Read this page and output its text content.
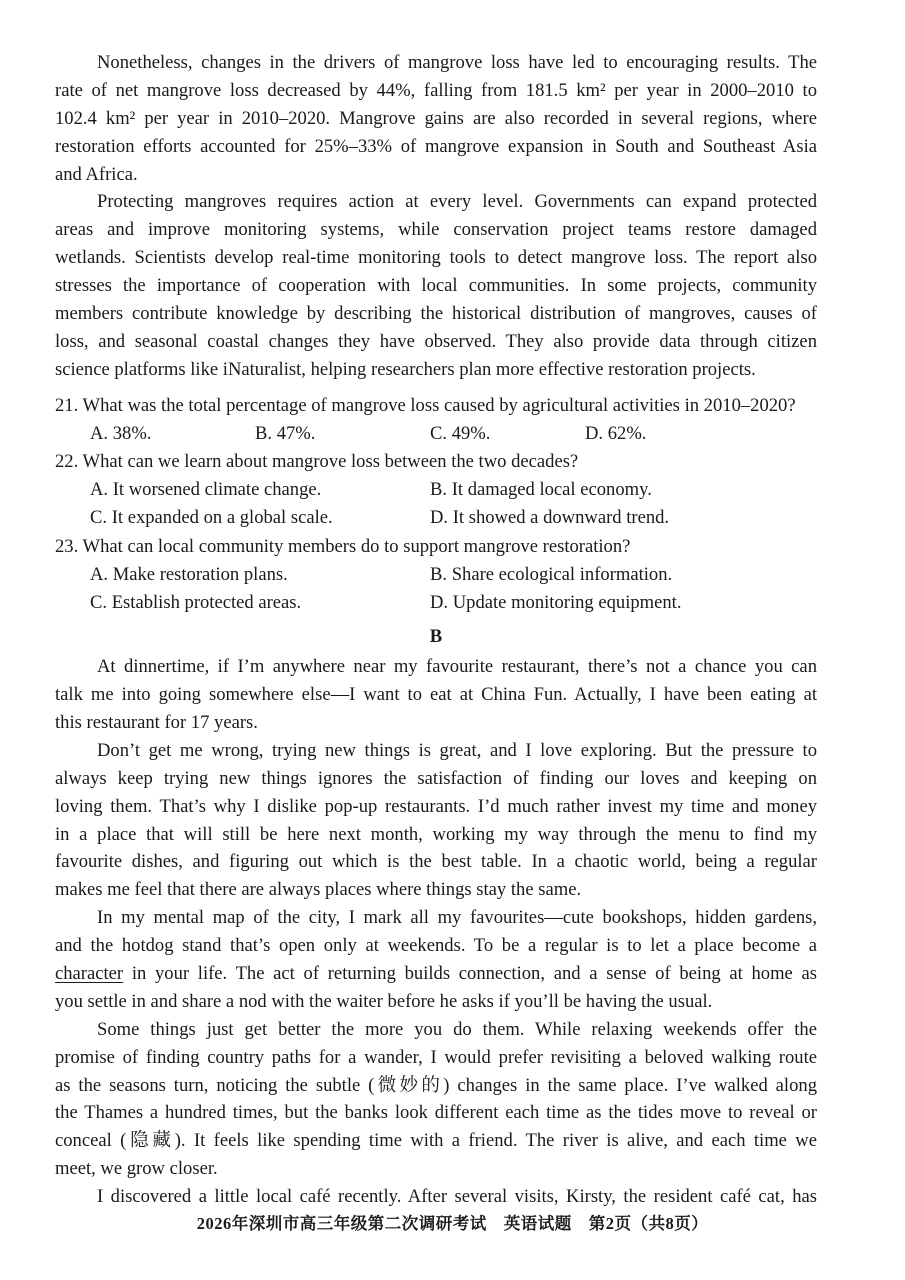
Nonetheless, changes in the drivers of mangrove loss have led to encouraging results. The
rate of net mangrove loss decreased by 44%, falling from 181.5 km² per year in 2000–2010 to
102.4 km² per year in 2010–2020. Mangrove gains are also recorded in several regions, where
restoration efforts accounted for 25%–33% of mangrove expansion in South and Southeast Asia
and Africa.
Protecting mangroves requires action at every level. Governments can expand protected
areas and improve monitoring systems, while conservation project teams restore damaged
wetlands. Scientists develop real-time monitoring tools to detect mangrove loss. The report also
stresses the importance of cooperation with local communities. In some projects, community
members contribute knowledge by describing the historical distribution of mangroves, causes of
loss, and seasonal coastal changes they have observed. They also provide data through citizen
science platforms like iNaturalist, helping researchers plan more effective restoration projects.
21. What was the total percentage of mangrove loss caused by agricultural activities in 2010–2020?
A. 38%.	B. 47%.	C. 49%.	D. 62%.
22. What can we learn about mangrove loss between the two decades?
A. It worsened climate change.	B. It damaged local economy.
C. It expanded on a global scale.	D. It showed a downward trend.
23. What can local community members do to support mangrove restoration?
A. Make restoration plans.	B. Share ecological information.
C. Establish protected areas.	D. Update monitoring equipment.
B
At dinnertime, if I’m anywhere near my favourite restaurant, there’s not a chance you can
talk me into going somewhere else—I want to eat at China Fun. Actually, I have been eating at
this restaurant for 17 years.
Don’t get me wrong, trying new things is great, and I love exploring. But the pressure to
always keep trying new things ignores the satisfaction of finding our loves and keeping on
loving them. That’s why I dislike pop-up restaurants. I’d much rather invest my time and money
in a place that will still be here next month, working my way through the menu to find my
favourite dishes, and figuring out which is the best table. In a chaotic world, being a regular
makes me feel that there are always places where things stay the same.
In my mental map of the city, I mark all my favourites—cute bookshops, hidden gardens,
and the hotdog stand that’s open only at weekends. To be a regular is to let a place become a
character in your life. The act of returning builds connection, and a sense of being at home as
you settle in and share a nod with the waiter before he asks if you’ll be having the usual.
Some things just get better the more you do them. While relaxing weekends offer the
promise of finding country paths for a wander, I would prefer revisiting a beloved walking route
as the seasons turn, noticing the subtle (微妙的) changes in the same place. I’ve walked along
the Thames a hundred times, but the banks look different each time as the tides move to reveal or
conceal (隐藏). It feels like spending time with a friend. The river is alive, and each time we
meet, we grow closer.
I discovered a little local café recently. After several visits, Kirsty, the resident café cat, has
2026年深圳市高三年级第二次调研考试　英语试题　第2页（共8页）
